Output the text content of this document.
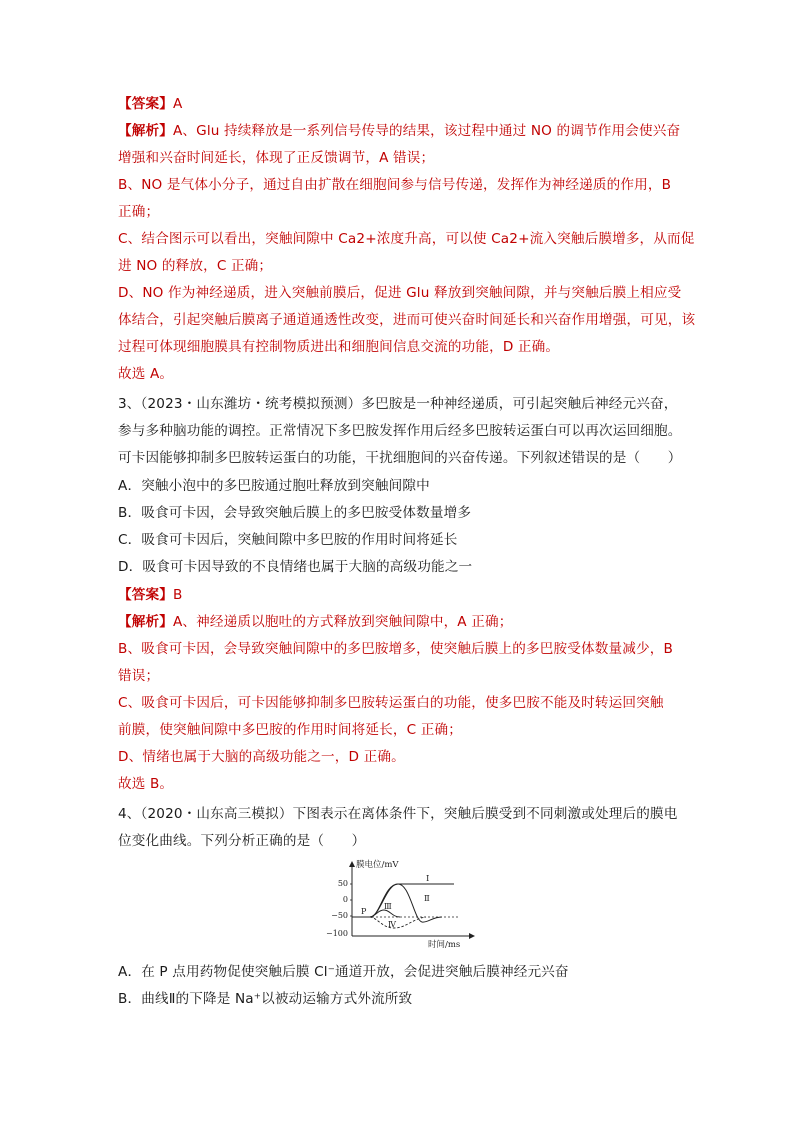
【答案】A
【解析】A、Glu 持续释放是一系列信号传导的结果，该过程中通过 NO 的调节作用会使兴奋
增强和兴奋时间延长，体现了正反馈调节，A 错误；
B、NO 是气体小分子，通过自由扩散在细胞间参与信号传递，发挥作为神经递质的作用，B
正确；
C、结合图示可以看出，突触间隙中 Ca2+浓度升高，可以使 Ca2+流入突触后膜增多，从而促
进 NO 的释放，C 正确；
D、NO 作为神经递质，进入突触前膜后，促进 Glu 释放到突触间隙，并与突触后膜上相应受
体结合，引起突触后膜离子通道通透性改变，进而可使兴奋时间延长和兴奋作用增强，可见，该
过程可体现细胞膜具有控制物质进出和细胞间信息交流的功能，D 正确。
故选 A。
3、（2023・山东潍坊・统考模拟预测）多巴胺是一种神经递质，可引起突触后神经元兴奋，
参与多种脑功能的调控。正常情况下多巴胺发挥作用后经多巴胺转运蛋白可以再次运回细胞。
可卡因能够抑制多巴胺转运蛋白的功能，干扰细胞间的兴奋传递。下列叙述错误的是（　　）
A．突触小泡中的多巴胺通过胞吐释放到突触间隙中
B．吸食可卡因，会导致突触后膜上的多巴胺受体数量增多
C．吸食可卡因后，突触间隙中多巴胺的作用时间将延长
D．吸食可卡因导致的不良情绪也属于大脑的高级功能之一
【答案】B
【解析】A、神经递质以胞吐的方式释放到突触间隙中，A 正确；
B、吸食可卡因，会导致突触间隙中的多巴胺增多，使突触后膜上的多巴胺受体数量减少，B
错误；
C、吸食可卡因后，可卡因能够抑制多巴胺转运蛋白的功能，使多巴胺不能及时转运回突触
前膜，使突触间隙中多巴胺的作用时间将延长，C 正确；
D、情绪也属于大脑的高级功能之一，D 正确。
故选 B。
4、（2020・山东高三模拟）下图表示在离体条件下，突触后膜受到不同刺激或处理后的膜电
位变化曲线。下列分析正确的是（　　）
膜电位/mV
时间/ms
50
0
−50
−100
P
Ⅰ
Ⅱ
Ⅲ
Ⅳ
A．在 P 点用药物促使突触后膜 Cl⁻通道开放，会促进突触后膜神经元兴奋
B．曲线Ⅱ的下降是 Na⁺以被动运输方式外流所致
